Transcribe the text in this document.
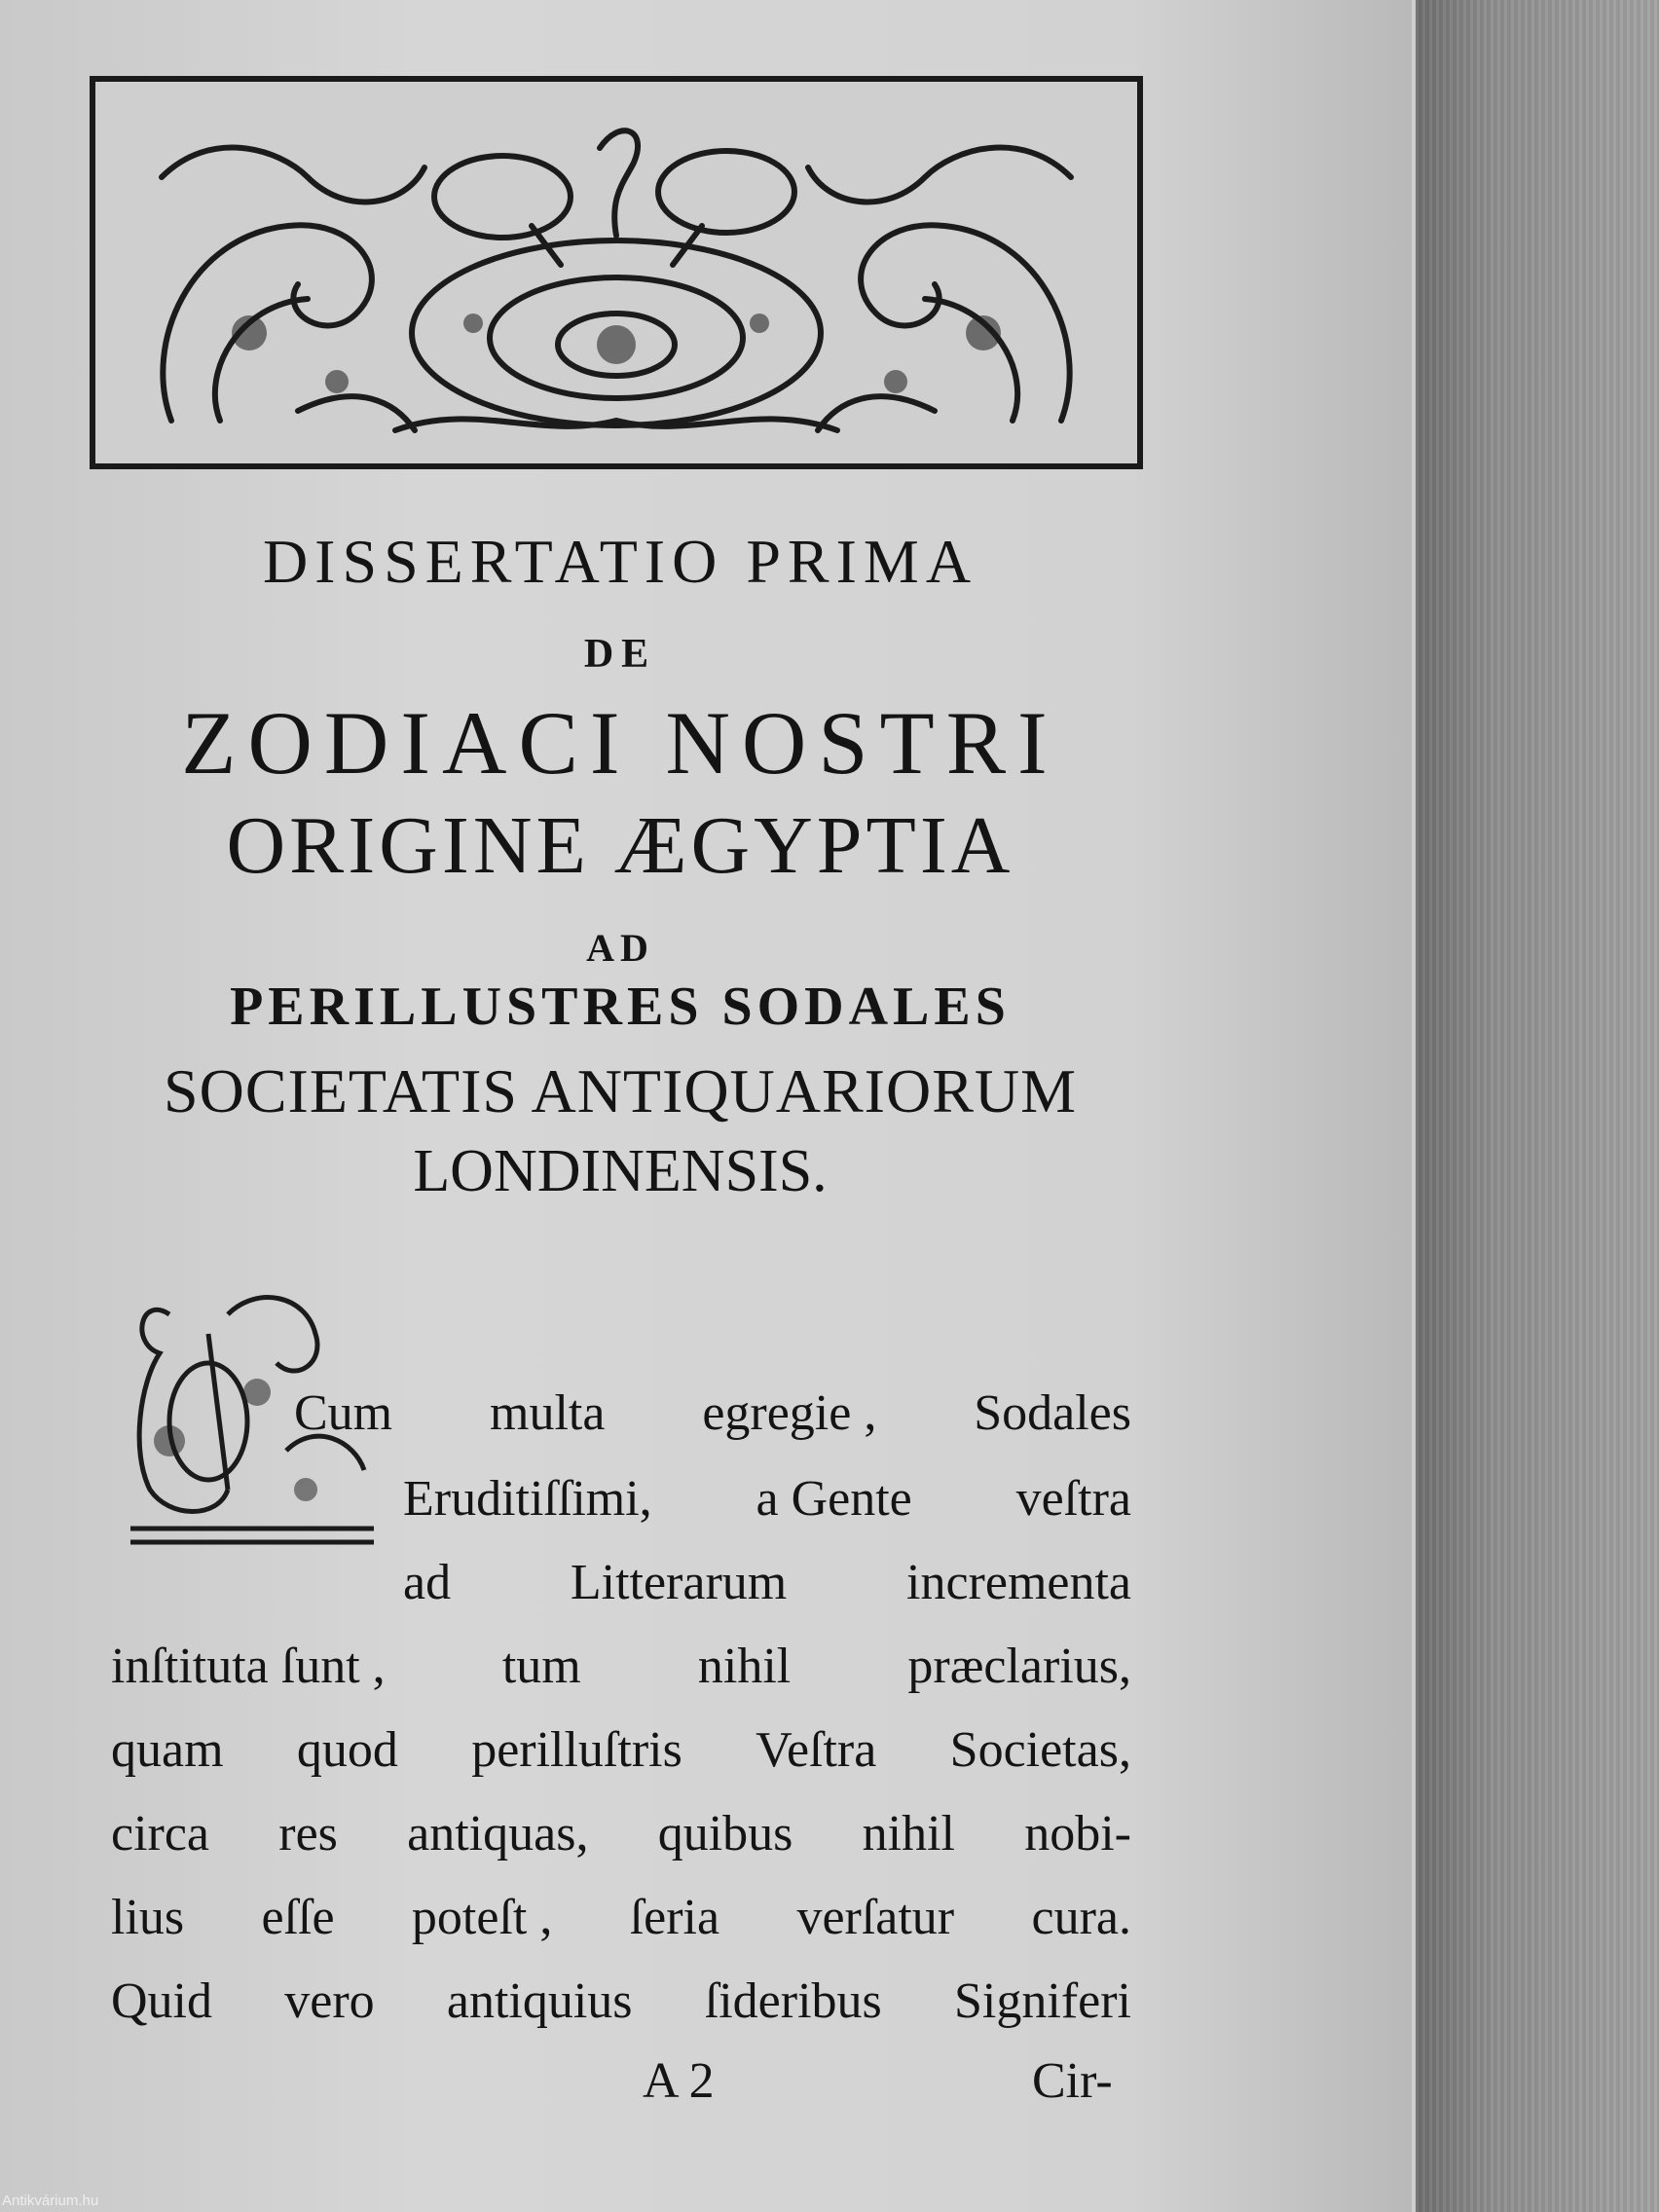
DISSERTATIO PRIMA
DE
ZODIACI NOSTRI
ORIGINE ÆGYPTIA
AD
PERILLUSTRES SODALES
SOCIETATIS ANTIQUARIORUM
LONDINENSIS.
Cum multa egregie , Sodales
Eruditiſſimi, a Gente veſtra
ad Litterarum incrementa
inſtituta ſunt , tum nihil præclarius,
quam quod perilluſtris Veſtra Societas,
circa res antiquas, quibus nihil nobi-
lius eſſe poteſt , ſeria verſatur cura.
Quid vero antiquius ſideribus Signiferi
A 2	Cir-
Antikvárium.hu
